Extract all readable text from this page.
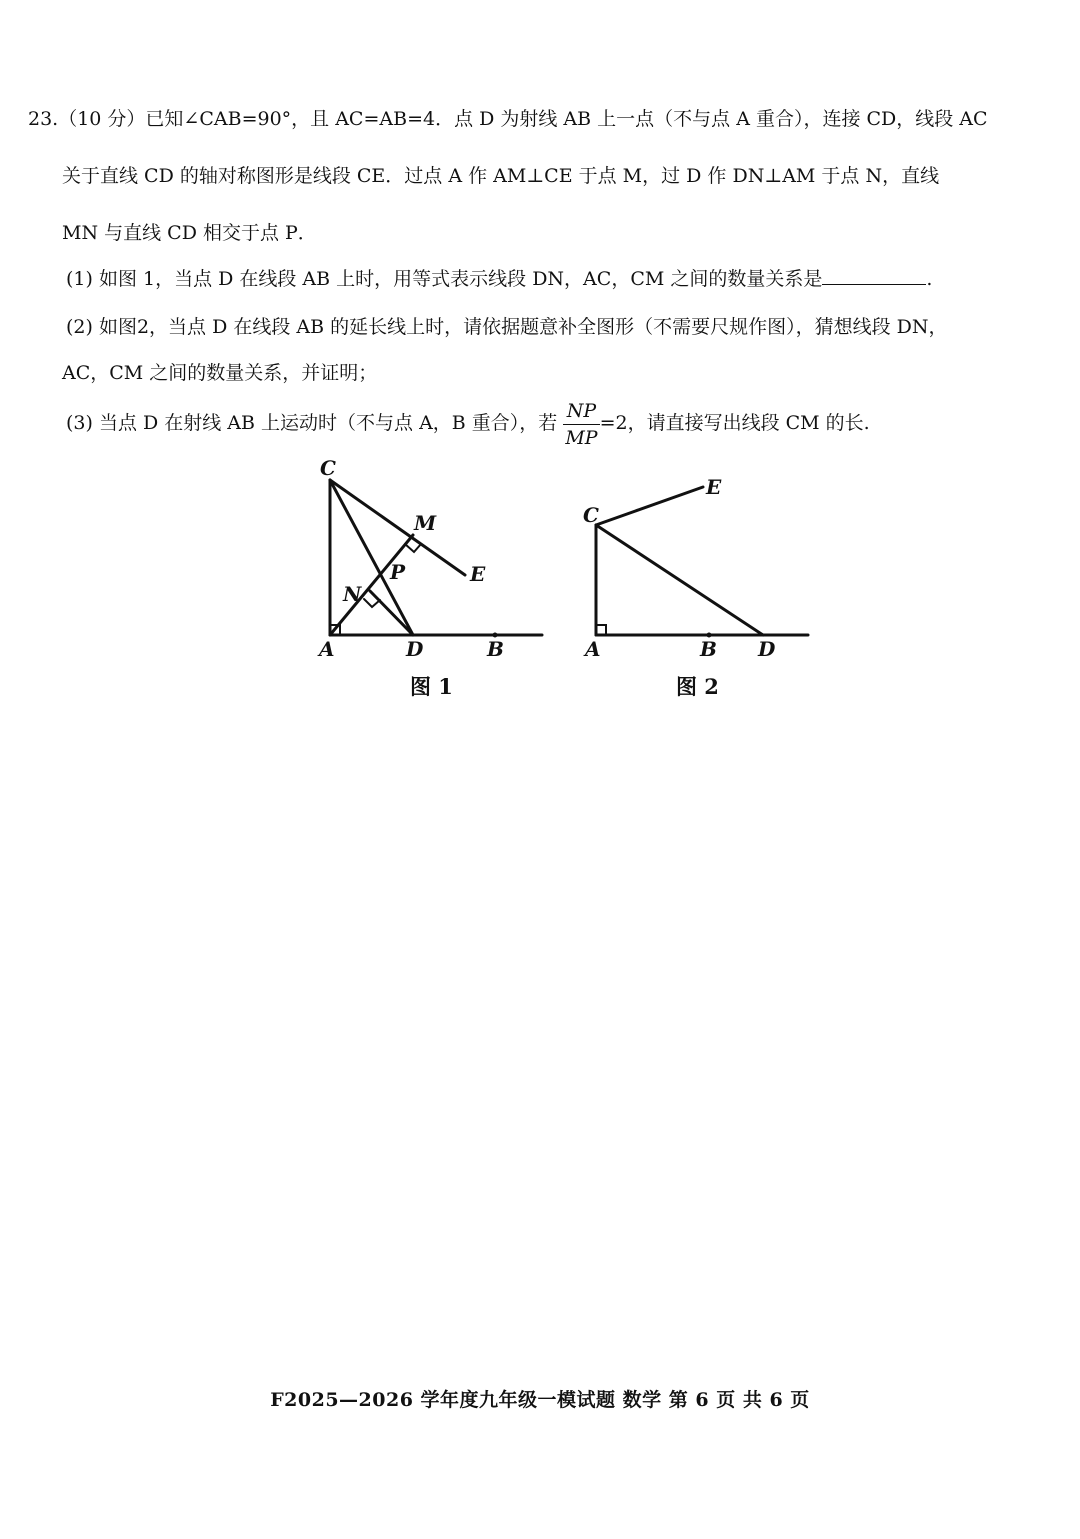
23.（10 分）已知∠CAB=90°，且 AC=AB=4．点 D 为射线 AB 上一点（不与点 A 重合），连接 CD，线段 AC
关于直线 CD 的轴对称图形是线段 CE．过点 A 作 AM⊥CE 于点 M，过 D 作 DN⊥AM 于点 N，直线
MN 与直线 CD 相交于点 P．
(1) 如图 1，当点 D 在线段 AB 上时，用等式表示线段 DN，AC，CM 之间的数量关系是	.
(2) 如图2，当点 D 在线段 AB 的延长线上时，请依据题意补全图形（不需要尺规作图），猜想线段 DN，
AC，CM 之间的数量关系，并证明；
(3) 当点 D 在射线 AB 上运动时（不与点 A，B 重合），若 $\frac{NP}{MP} =2$，请直接写出线段 CM 的长.
C
M
P	E
N
A	D	B
图 1
C
E
A	B D
图 2
F2025—2026 学年度九年级一模试题 数学 第 6 页 共 6 页
